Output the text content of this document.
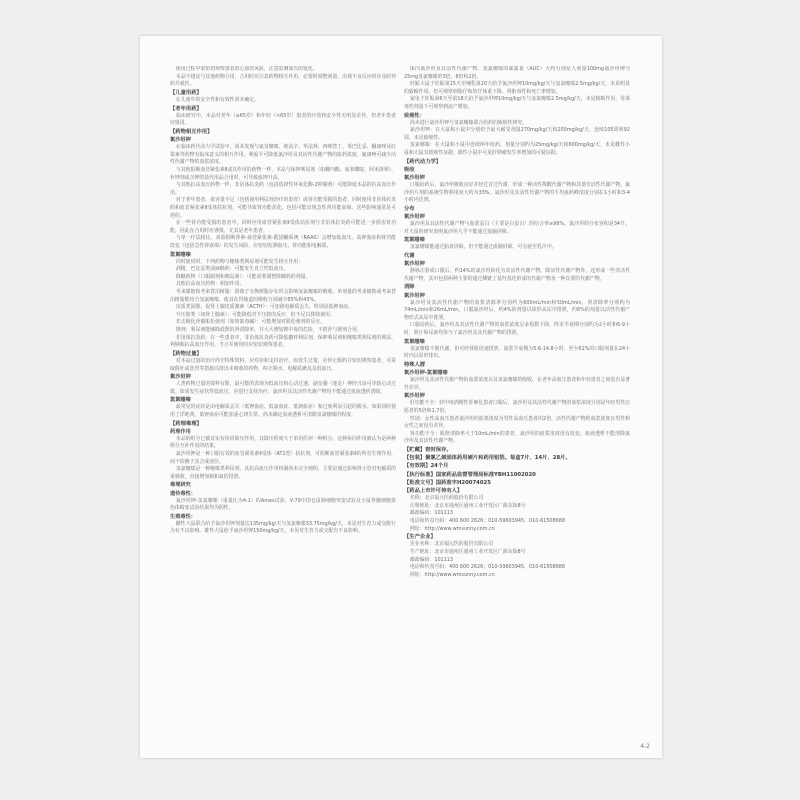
使用过程中需密切观察患者的心血管风险，注意监测血压的变化。

本品不建议与其他药物合用，合用时应注意药物相互作用，必要时调整剂量，出现不良反应时应及时停药并就医。

【儿童用药】

在儿童中的安全性和有效性尚未确定。

【老年用药】

临床研究中，本品对老年（≥65岁）和年轻（<65岁）患者的疗效和安全性无明显差异，但老年患者应慎用。

【药物相互作用】
氯沙坦钾

在临床药代动力学试验中，尚未发现与氯氢噻嗪、地高辛、华法林、西咪替丁、苯巴比妥、酮康唑及红霉素等药物有临床意义的相互作用。利福平可降低氯沙坦及其活性代谢产物的血药浓度，氟康唑可减少活性代谢产物的血浆浓度。

与其他阻断血管紧张素Ⅱ或其作用的药物一样，本品与保钾利尿剂（如螺内酯、氨苯蝶啶、阿米洛利）、补钾剂或含钾的盐代用品合用时，可导致血钾升高。

与其他抗高血压药物一样，非甾体抗炎药（包括选择性环氧化酶-2抑制剂）可能降低本品的抗高血压作用。

对于老年患者、血容量不足（包括使用利尿剂治疗的患者）或肾功能受损的患者，同时使用非甾体抗炎药和血管紧张素Ⅱ受体拮抗剂，可能导致肾功能恶化，包括可能出现急性肾功能衰竭，这些影响通常是可逆的。

在一些肾功能受损的患者中，同时应用血管紧张素Ⅱ受体拮抗剂与非甾体抗炎药可能进一步损害肾功能，因此在合用时应谨慎，尤其是老年患者。

与单一疗法相比，双重阻断肾素-血管紧张素-醛固酮系统（RAAS）会增加低血压、高钾血症和肾功能改变（包括急性肾衰竭）的发生风险，应密切监测血压、肾功能和电解质。

氢氯噻嗪

同时使用时，下列药物与噻嗪类利尿剂可能发生相互作用：

酒精、巴比妥类或麻醉药：可能发生直立性低血压。

降糖药物（口服制剂和胰岛素）：可能需要调整降糖药的剂量。

其他抗高血压药物：相加作用。

考来烯胺和考来替泊树脂：阴离子交换树脂存在时会影响氢氯噻嗪的吸收，单剂量的考来烯胺或考来替泊树脂能结合氢氯噻嗪，使其在胃肠道的吸收分别减少85%和43%。

皮质类固醇、促肾上腺皮质激素（ACTH）：可加剧电解质丢失，特别是低钾血症。

升压胺类（如肾上腺素）：可能降低对升压胺的反应，但不足以排除使用。

非去极化骨骼肌松弛剂（如筒箭毒碱）：可能增加对肌松弛剂的反应。

锂剂：利尿剂能够降低锂的肾清除率，并大大增加锂中毒的危险，不推荐与锂剂合用。

非甾体抗炎药：在一些患者中，非甾体抗炎药可降低髓袢利尿剂、保钾利尿剂和噻嗪类利尿剂的利尿、利钠和抗高血压作用，当合并使用时应密切观察患者。

【药物过量】

对本品过量的治疗尚无特殊资料，应对症和支持治疗。如发生过量，应停止服药并密切观察患者，可采取催吐或洗胃等措施以排出未吸收的药物，纠正脱水、电解质紊乱及低血压。

氯沙坦钾

人类药物过量的资料有限，最可能的表现为低血压和心动过速，副交感（迷走）神经兴奋可导致心动过缓。如果发生症状性低血压，应进行支持治疗。氯沙坦及其活性代谢产物均不能通过血液透析清除。

氢氯噻嗪

最常见的症状是由电解质丢失（低钾血症、低氯血症、低钠血症）和过度利尿引起的脱水。如果同时使用了洋地黄，低钾血症可能加重心律失常。尚未确定血液透析可清除氢氯噻嗪的程度。

【药理毒理】
药理作用

本品的组分已被证实有协同降压作用，其降压程度大于单用任何一种组分。这种协同作用被认为是两种组分互补作用的结果。

氯沙坦钾是一种口服有效的血管紧张素Ⅱ受体（AT1型）拮抗剂，可阻断血管紧张素Ⅱ的所有生理作用，而不依赖于其合成途径。

氢氯噻嗪是一种噻嗪类利尿剂，其抗高血压作用机制尚未完全阐明，主要是通过影响肾小管对电解质的重吸收，直接增加钠和氯的排泄。

毒理研究
遗传毒性：

氯沙坦钾-氢氯噻嗪（重量比为4:1）的Ames试验、V-79中国仓鼠肺细胞突变试验及小鼠骨髓细胞染色体畸变试验结果均为阴性。

生殖毒性：

雌性大鼠联合给予氯沙坦钾剂量达135mg/kg/天与氢氯噻嗪33.75mg/kg/天，未见对生育力或交配行为有不良影响。雄性大鼠给予氯沙坦钾150mg/kg/天，未见对生育力或交配有不良影响。

体内氯沙坦及其活性代谢产物、氢氯噻嗪的暴露量（AUC）大约分别是人剂量100mg氯沙坦钾与25mg氢氯噻嗪的3倍、6倍和2倍。

妊娠大鼠于妊娠第15天至哺乳第20天给予氯沙坦钾10mg/kg/天与氢氯噻嗪2.5mg/kg/天，未见明显的致畸作用，但可观察到胎仔和幼仔体重下降、肾脏毒性和死亡率增加。

家兔于妊娠第6天至第18天给予氯沙坦钾10mg/kg/天与氢氯噻嗪2.5mg/kg/天，未见致畸作用，母体毒性剂量下可观察到流产增加。

致癌性：

尚未进行氯沙坦钾与氢氯噻嗪联合给药的致癌性研究。

氯沙坦钾：在大鼠和小鼠中分别给予最大耐受剂量270mg/kg/天和200mg/kg/天，连续105周和92周，未见致癌性。

氢氯噻嗪：在大鼠和小鼠中连续两年给药，剂量分别约为25mg/kg/天和600mg/kg/天，未见雌性小鼠和大鼠有致癌性证据，雄性小鼠中可见肝肿瘤发生率增加的可疑证据。

【药代动力学】
吸收
氯沙坦钾

口服给药后，氯沙坦吸收良好并经过首过代谢，形成一种活性羧酸代谢产物和其他非活性代谢产物。氯沙坦片剂的系统生物利用度大约为33%。氯沙坦及其活性代谢产物的平均血药峰浓度分别在1小时和3-4小时内达到。

分布
氯沙坦钾

氯沙坦及其活性代谢产物与血浆蛋白（主要是白蛋白）的结合率≥99%。氯沙坦的分布容积是34升。对大鼠的研究表明氯沙坦几乎不能通过血脑屏障。

氢氯噻嗪

氢氯噻嗪能通过胎盘屏障，但不能通过血脑屏障，可分泌至乳汁中。

代谢
氯沙坦钾

静脉注射或口服后，约14%的氯沙坦转化为其活性代谢产物。除活性代谢产物外，还形成一些非活性代谢产物，其中包括两种主要的通过侧链丁基羟基化形成的代谢产物及一种次要的代谢产物。

消除
氯沙坦钾

氯沙坦及其活性代谢产物的血浆清除率分别约为600mL/min和50mL/min，肾清除率分别约为74mL/min和26mL/min。口服氯沙坦后，约4%的剂量以原形从尿中排泄，约6%的剂量以活性代谢产物形式从尿中排泄。

口服给药后，氯沙坦及其活性代谢产物的血浆浓度呈多指数下降，终末半衰期分别约为2小时和6-9小时，胆汁和尿液均参与了氯沙坦及其代谢产物的排泄。

氢氯噻嗪

氢氯噻嗪不被代谢，但可经肾脏迅速排泄。血浆半衰期为5.6-14.8小时，至少61%的口服剂量在24小时内以原形排出。

特殊人群
氯沙坦钾-氢氯噻嗪

氯沙坦及其活性代谢产物的血浆浓度以及氢氯噻嗪的吸收，在老年高血压患者和年轻患者之间没有显著性差异。

氯沙坦钾

肝功能不全：轻中度酒精性肝硬化患者口服后，氯沙坦及其活性代谢产物的血浆浓度分别是年轻男性志愿者的5倍和1.7倍。

性别：女性高血压患者氯沙坦的血浆浓度为男性高血压患者的2倍，活性代谢产物的血浆浓度在男性和女性之间没有差异。

肾功能不全：肌酐清除率大于10mL/min的患者，氯沙坦的血浆浓度没有改变。血液透析不能清除氯沙坦及其活性代谢产物。

【贮藏】密封保存。
【包装】聚氯乙烯固体药用硬片和药用铝箔。每盒7片、14片、28片。
【有效期】24个月
【执行标准】国家药品监督管理局标准YBH11002020
【批准文号】国药准字H20074025
【药品上市许可持有人】

名称：北京福元医药股份有限公司

注册地址：北京市通州区通州工业开发区广源东街8号

邮政编码：101113

电话和传真号码：400 600 2626；010-59603945，010-61508688

网址：http://www.wmsunny.com.cn

【生产企业】

企业名称：北京福元医药股份有限公司

生产地址：北京市通州区通州工业开发区广源东街8号

邮政编码：101113

电话和传真号码：400 600 2626；010-59603945，010-61508688

网址：http://www.wmsunny.com.cn

4-2
